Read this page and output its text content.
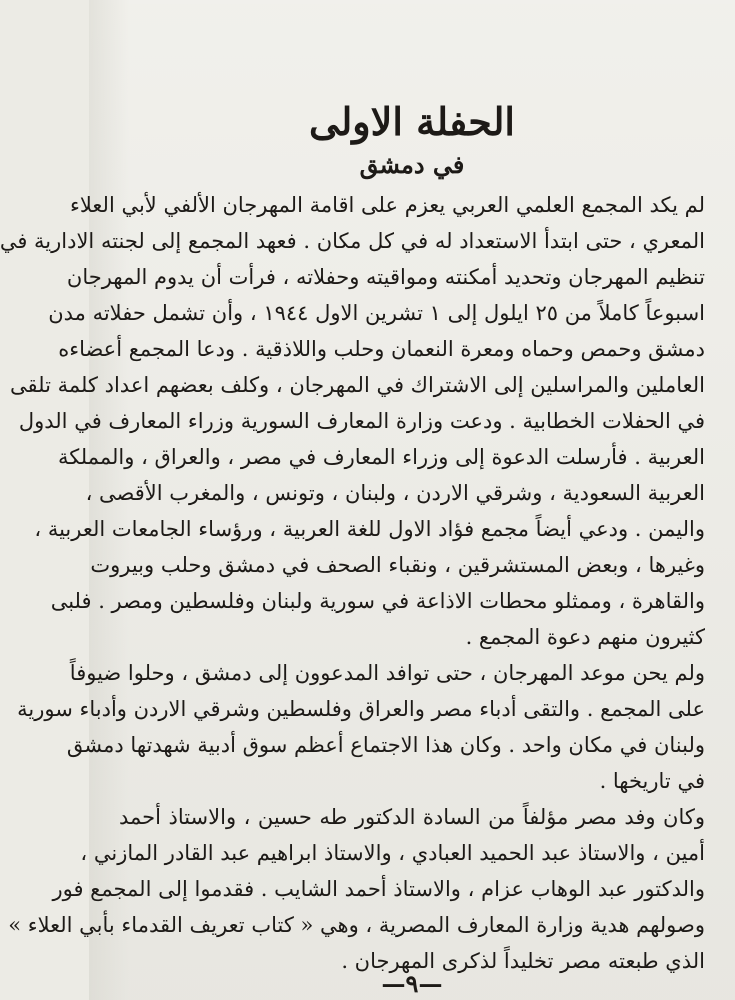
الحفلة الاولى
في دمشق
لم يكد المجمع العلمي العربي يعزم على اقامة المهرجان الألفي لأبي العلاء
المعري ، حتى ابتدأ الاستعداد له في كل مكان . فعهد المجمع إلى لجنته الادارية في
تنظيم المهرجان وتحديد أمكنته ومواقيته وحفلاته ، فرأت أن يدوم المهرجان
اسبوعاً كاملاً من ٢٥ ايلول إلى ١ تشرين الاول ١٩٤٤ ، وأن تشمل حفلاته مدن
دمشق وحمص وحماه ومعرة النعمان وحلب واللاذقية . ودعا المجمع أعضاءه
العاملين والمراسلين إلى الاشتراك في المهرجان ، وكلف بعضهم اعداد كلمة تلقى
في الحفلات الخطابية . ودعت وزارة المعارف السورية وزراء المعارف في الدول
العربية . فأرسلت الدعوة إلى وزراء المعارف في مصر ، والعراق ، والمملكة
العربية السعودية ، وشرقي الاردن ، ولبنان ، وتونس ، والمغرب الأقصى ،
واليمن . ودعي أيضاً مجمع فؤاد الاول للغة العربية ، ورؤساء الجامعات العربية ،
وغيرها ، وبعض المستشرقين ، ونقباء الصحف في دمشق وحلب وبيروت
والقاهرة ، وممثلو محطات الاذاعة في سورية ولبنان وفلسطين ومصر . فلبى
كثيرون منهم دعوة المجمع .
ولم يحن موعد المهرجان ، حتى توافد المدعوون إلى دمشق ، وحلوا ضيوفاً
على المجمع . والتقى أدباء مصر والعراق وفلسطين وشرقي الاردن وأدباء سورية
ولبنان في مكان واحد . وكان هذا الاجتماع أعظم سوق أدبية شهدتها دمشق
في تاريخها .
وكان وفد مصر مؤلفاً من السادة الدكتور طه حسين ، والاستاذ أحمد
أمين ، والاستاذ عبد الحميد العبادي ، والاستاذ ابراهيم عبد القادر المازني ،
والدكتور عبد الوهاب عزام ، والاستاذ أحمد الشايب . فقدموا إلى المجمع فور
وصولهم هدية وزارة المعارف المصرية ، وهي « كتاب تعريف القدماء بأبي العلاء »
الذي طبعته مصر تخليداً لذكرى المهرجان .
—٩—
